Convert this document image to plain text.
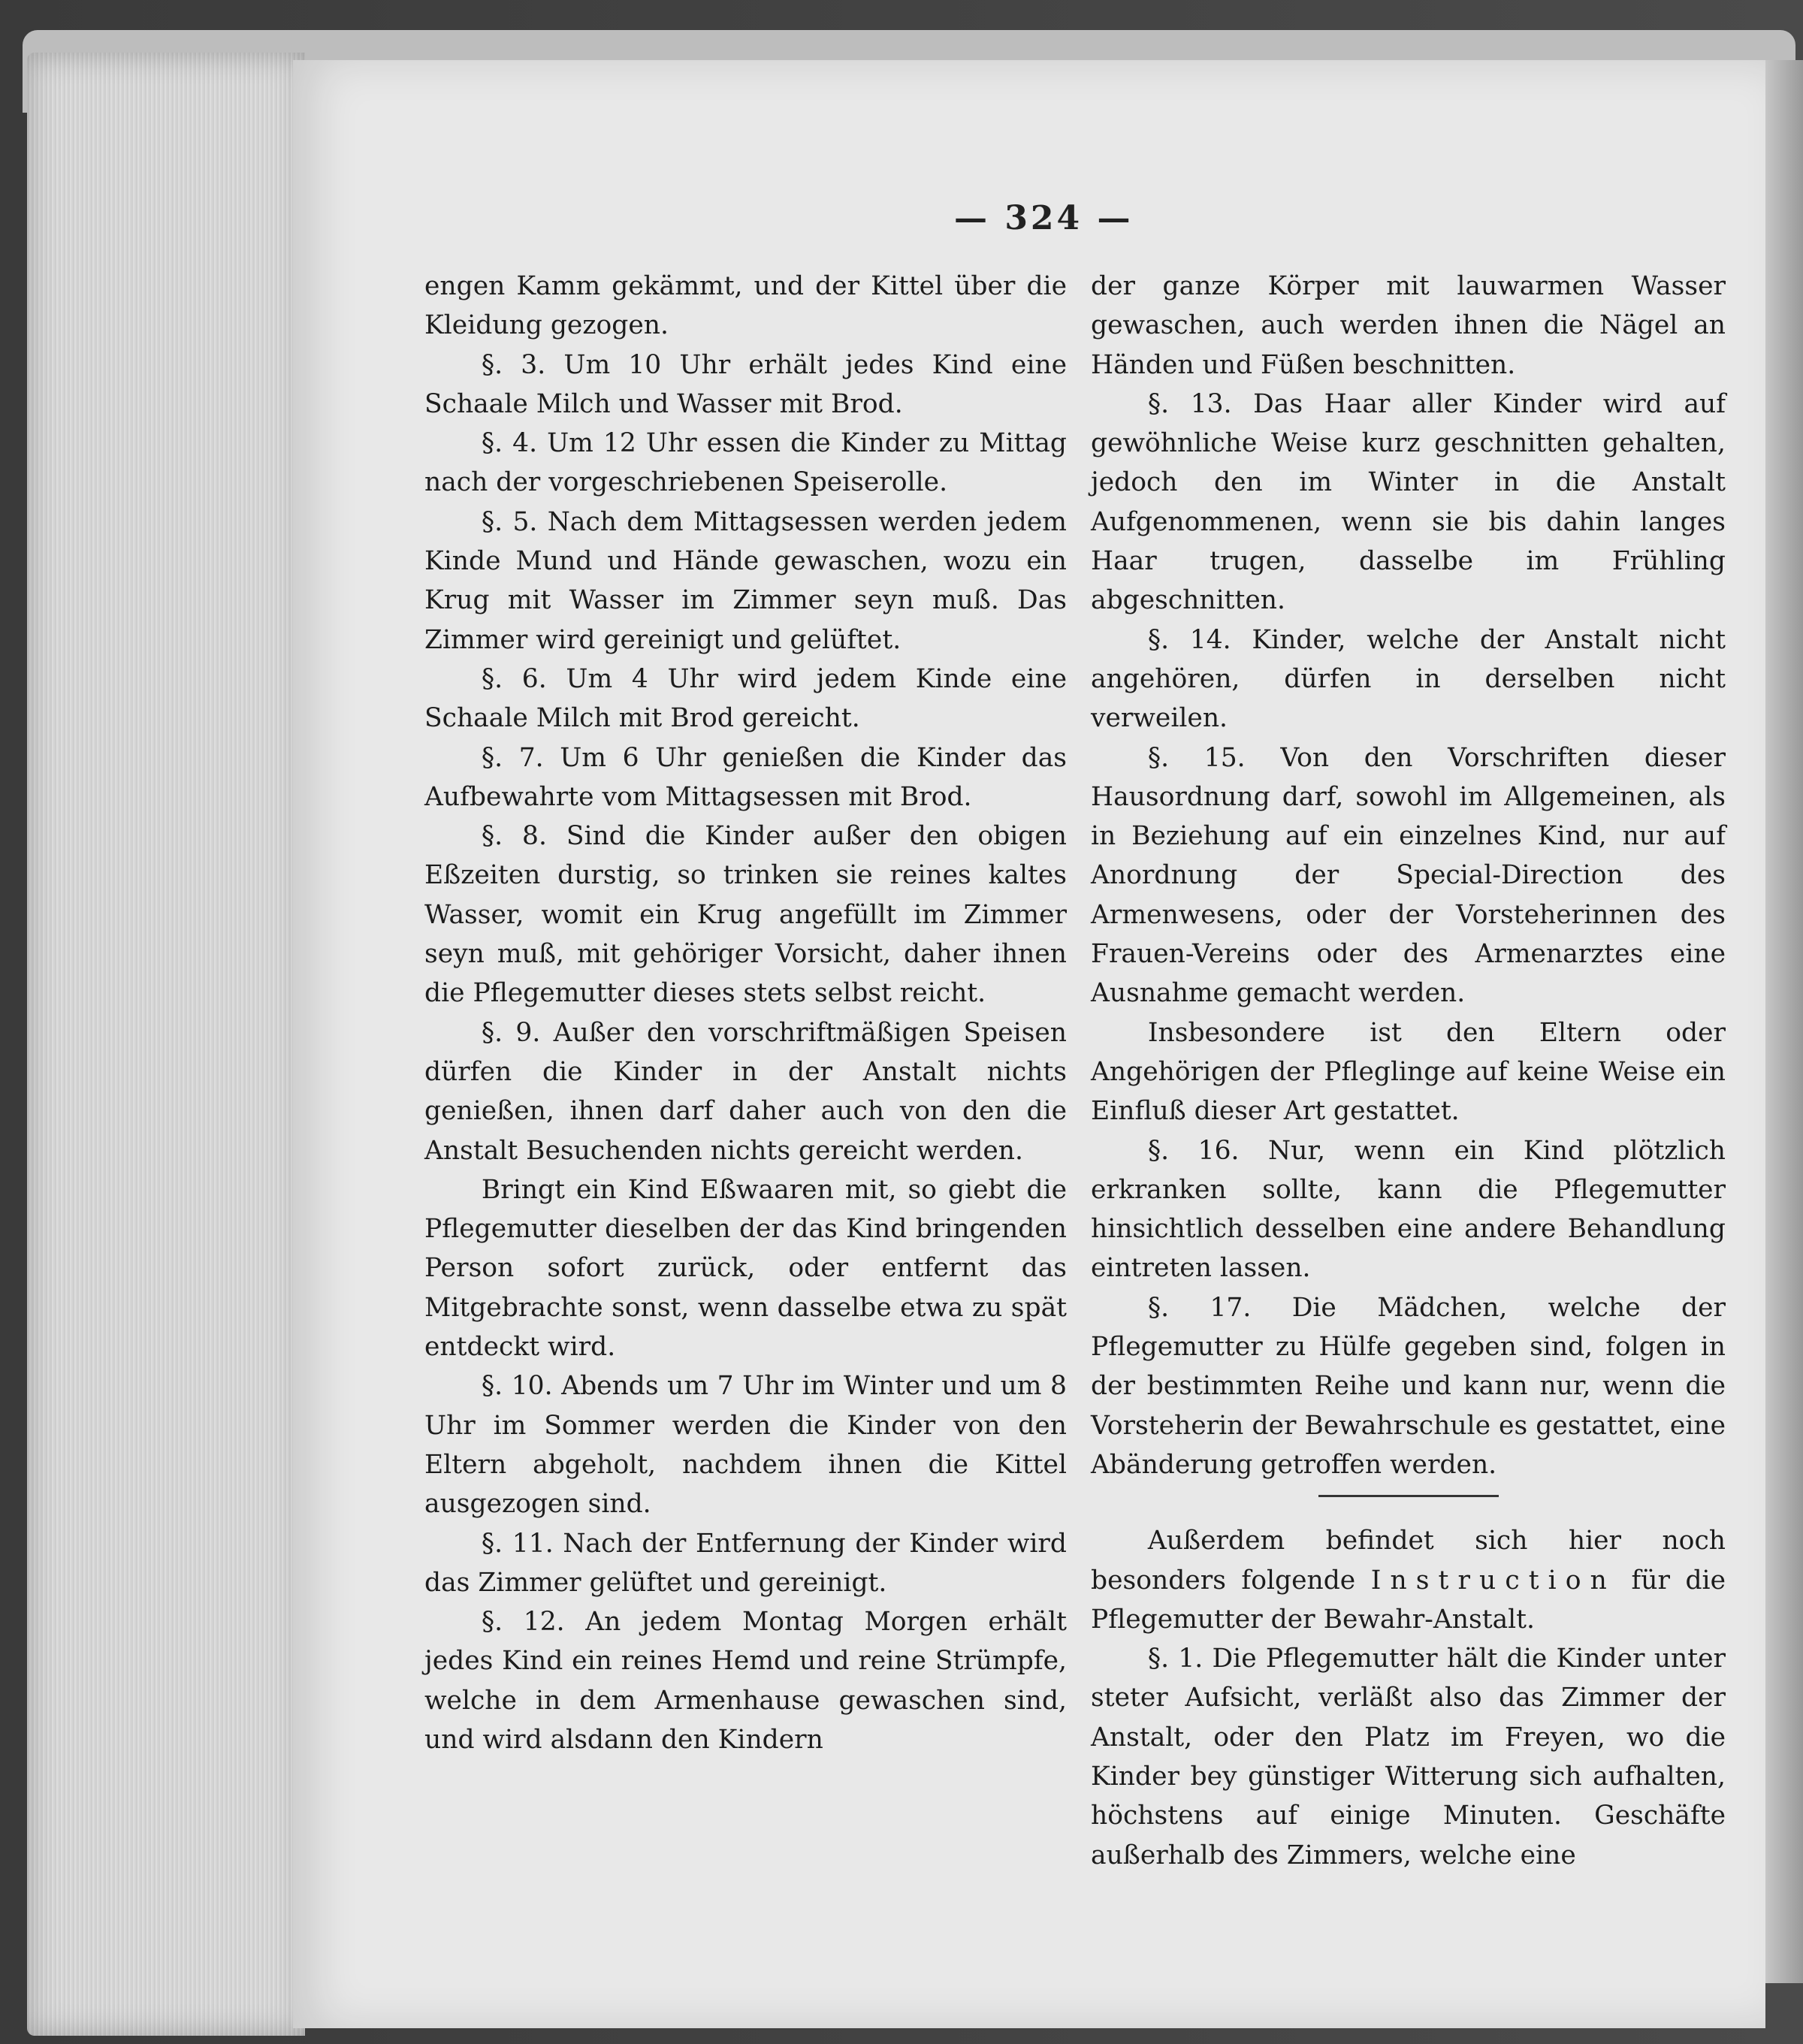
— 324 —

engen Kamm gekämmt, und der Kittel über die Kleidung gezogen.

§. 3. Um 10 Uhr erhält jedes Kind eine Schaale Milch und Wasser mit Brod.

§. 4. Um 12 Uhr essen die Kinder zu Mittag nach der vorgeschriebenen Speiserolle.

§. 5. Nach dem Mittagsessen werden jedem Kinde Mund und Hände gewaschen, wozu ein Krug mit Wasser im Zimmer seyn muß. Das Zimmer wird gereinigt und gelüftet.

§. 6. Um 4 Uhr wird jedem Kinde eine Schaale Milch mit Brod gereicht.

§. 7. Um 6 Uhr genießen die Kinder das Aufbewahrte vom Mittagsessen mit Brod.

§. 8. Sind die Kinder außer den obigen Eßzeiten durstig, so trinken sie reines kaltes Wasser, womit ein Krug angefüllt im Zimmer seyn muß, mit gehöriger Vorsicht, daher ihnen die Pflegemutter dieses stets selbst reicht.

§. 9. Außer den vorschriftmäßigen Speisen dürfen die Kinder in der Anstalt nichts genießen, ihnen darf daher auch von den die Anstalt Besuchenden nichts gereicht werden.

Bringt ein Kind Eßwaaren mit, so giebt die Pflegemutter dieselben der das Kind bringenden Person sofort zurück, oder entfernt das Mitgebrachte sonst, wenn dasselbe etwa zu spät entdeckt wird.

§. 10. Abends um 7 Uhr im Winter und um 8 Uhr im Sommer werden die Kinder von den Eltern abgeholt, nachdem ihnen die Kittel ausgezogen sind.

§. 11. Nach der Entfernung der Kinder wird das Zimmer gelüftet und gereinigt.

§. 12. An jedem Montag Morgen erhält jedes Kind ein reines Hemd und reine Strümpfe, welche in dem Armenhause gewaschen sind, und wird alsdann den Kindern

der ganze Körper mit lauwarmen Wasser gewaschen, auch werden ihnen die Nägel an Händen und Füßen beschnitten.

§. 13. Das Haar aller Kinder wird auf gewöhnliche Weise kurz geschnitten gehalten, jedoch den im Winter in die Anstalt Aufgenommenen, wenn sie bis dahin langes Haar trugen, dasselbe im Frühling abgeschnitten.

§. 14. Kinder, welche der Anstalt nicht angehören, dürfen in derselben nicht verweilen.

§. 15. Von den Vorschriften dieser Hausordnung darf, sowohl im Allgemeinen, als in Beziehung auf ein einzelnes Kind, nur auf Anordnung der Special-Direction des Armenwesens, oder der Vorsteherinnen des Frauen-Vereins oder des Armenarztes eine Ausnahme gemacht werden.

Insbesondere ist den Eltern oder Angehörigen der Pfleglinge auf keine Weise ein Einfluß dieser Art gestattet.

§. 16. Nur, wenn ein Kind plötzlich erkranken sollte, kann die Pflegemutter hinsichtlich desselben eine andere Behandlung eintreten lassen.

§. 17. Die Mädchen, welche der Pflegemutter zu Hülfe gegeben sind, folgen in der bestimmten Reihe und kann nur, wenn die Vorsteherin der Bewahrschule es gestattet, eine Abänderung getroffen werden.

Außerdem befindet sich hier noch besonders folgende Instruction für die Pflegemutter der Bewahr-Anstalt.

§. 1. Die Pflegemutter hält die Kinder unter steter Aufsicht, verläßt also das Zimmer der Anstalt, oder den Platz im Freyen, wo die Kinder bey günstiger Witterung sich aufhalten, höchstens auf einige Minuten. Geschäfte außerhalb des Zimmers, welche eine
